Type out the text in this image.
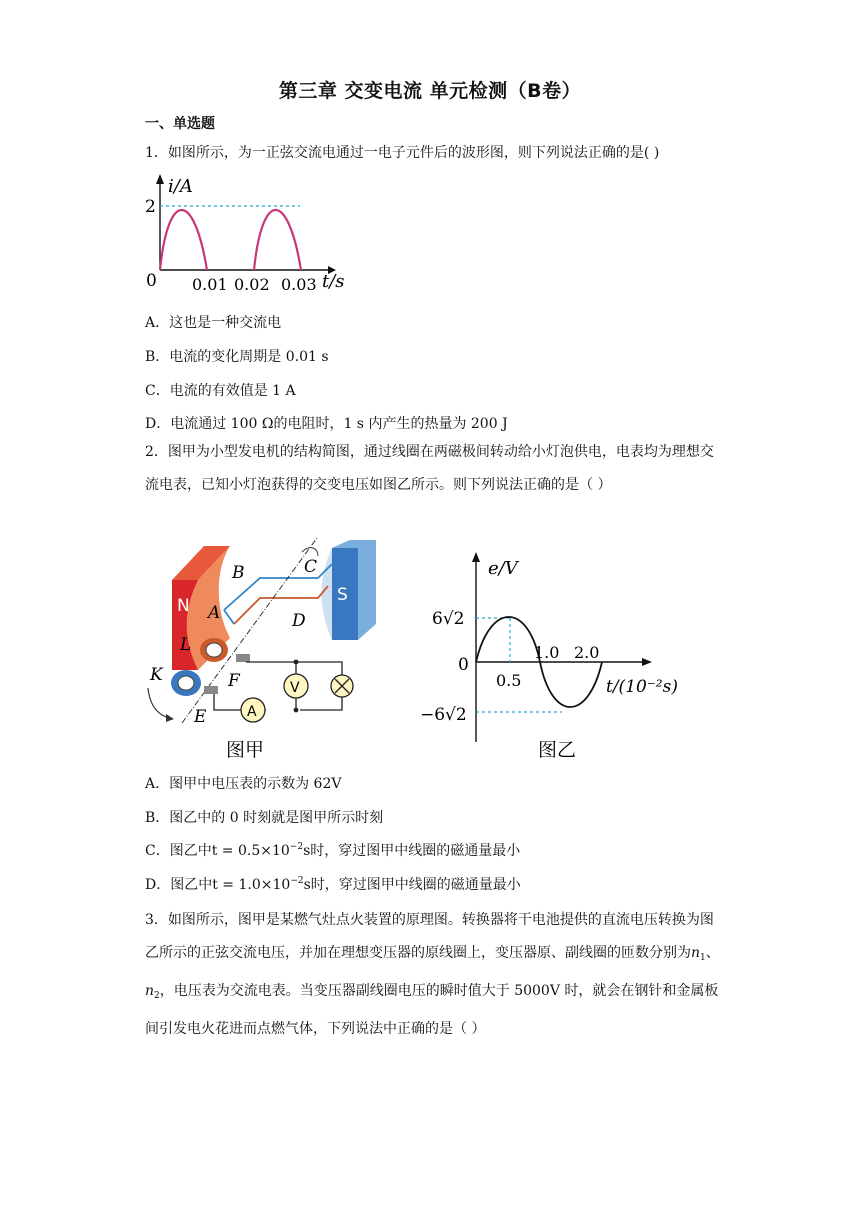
第三章 交变电流 单元检测（B卷）
一、单选题
1．如图所示，为一正弦交流电通过一电子元件后的波形图，则下列说法正确的是( )
i/A
2
0 0.01 0.02 0.03 t/s
A．这也是一种交流电
B．电流的变化周期是 0.01 s
C．电流的有效值是 1 A
D．电流通过 100 Ω的电阻时，1 s 内产生的热量为 200 J
2．图甲为小型发电机的结构简图，通过线圈在两磁极间转动给小灯泡供电，电表均为理想交流电表，已知小灯泡获得的交变电压如图乙所示。则下列说法正确的是（ ）
N
S
V
A
A
B	C
D
L
K	F
E
图甲
e/V
6√2
−6√2
0
0.5
1.0 2.0
t/(10⁻²s)
图乙
A．图甲中电压表的示数为 62V
B．图乙中的 0 时刻就是图甲所示时刻
C．图乙中$t = 0.5\times 10^{-2}s$时，穿过图甲中线圈的磁通量最小
D．图乙中$t = 1.0\times 10^{-2}s$时，穿过图甲中线圈的磁通量最小
3．如图所示，图甲是某燃气灶点火装置的原理图。转换器将干电池提供的直流电压转换为图乙所示的正弦交流电压，并加在理想变压器的原线圈上，变压器原、副线圈的匝数分别为$n_1$、$n_2$，电压表为交流电表。当变压器副线圈电压的瞬时值大于 5000V 时，就会在钢针和金属板间引发电火花进而点燃气体，下列说法中正确的是（ ）
